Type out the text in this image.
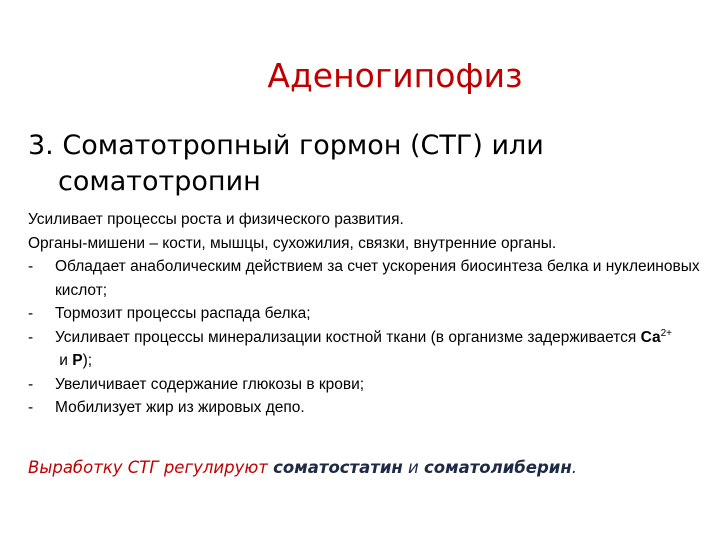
Аденогипофиз
3. Соматотропный гормон (СТГ) или
соматотропин
Усиливает процессы роста и физического развития.
Органы-мишени – кости, мышцы, сухожилия, связки, внутренние органы.
-	Обладает анаболическим действием за счет ускорения биосинтеза белка и нуклеиновых кислот;
-	Тормозит процессы распада белка;
-	Усиливает процессы минерализации костной ткани (в организме задерживается $Са^{2+}$ и Р);
-	Увеличивает содержание глюкозы в крови;
-	Мобилизует жир из жировых депо.
Выработку СТГ регулируют соматостатин и соматолиберин.
